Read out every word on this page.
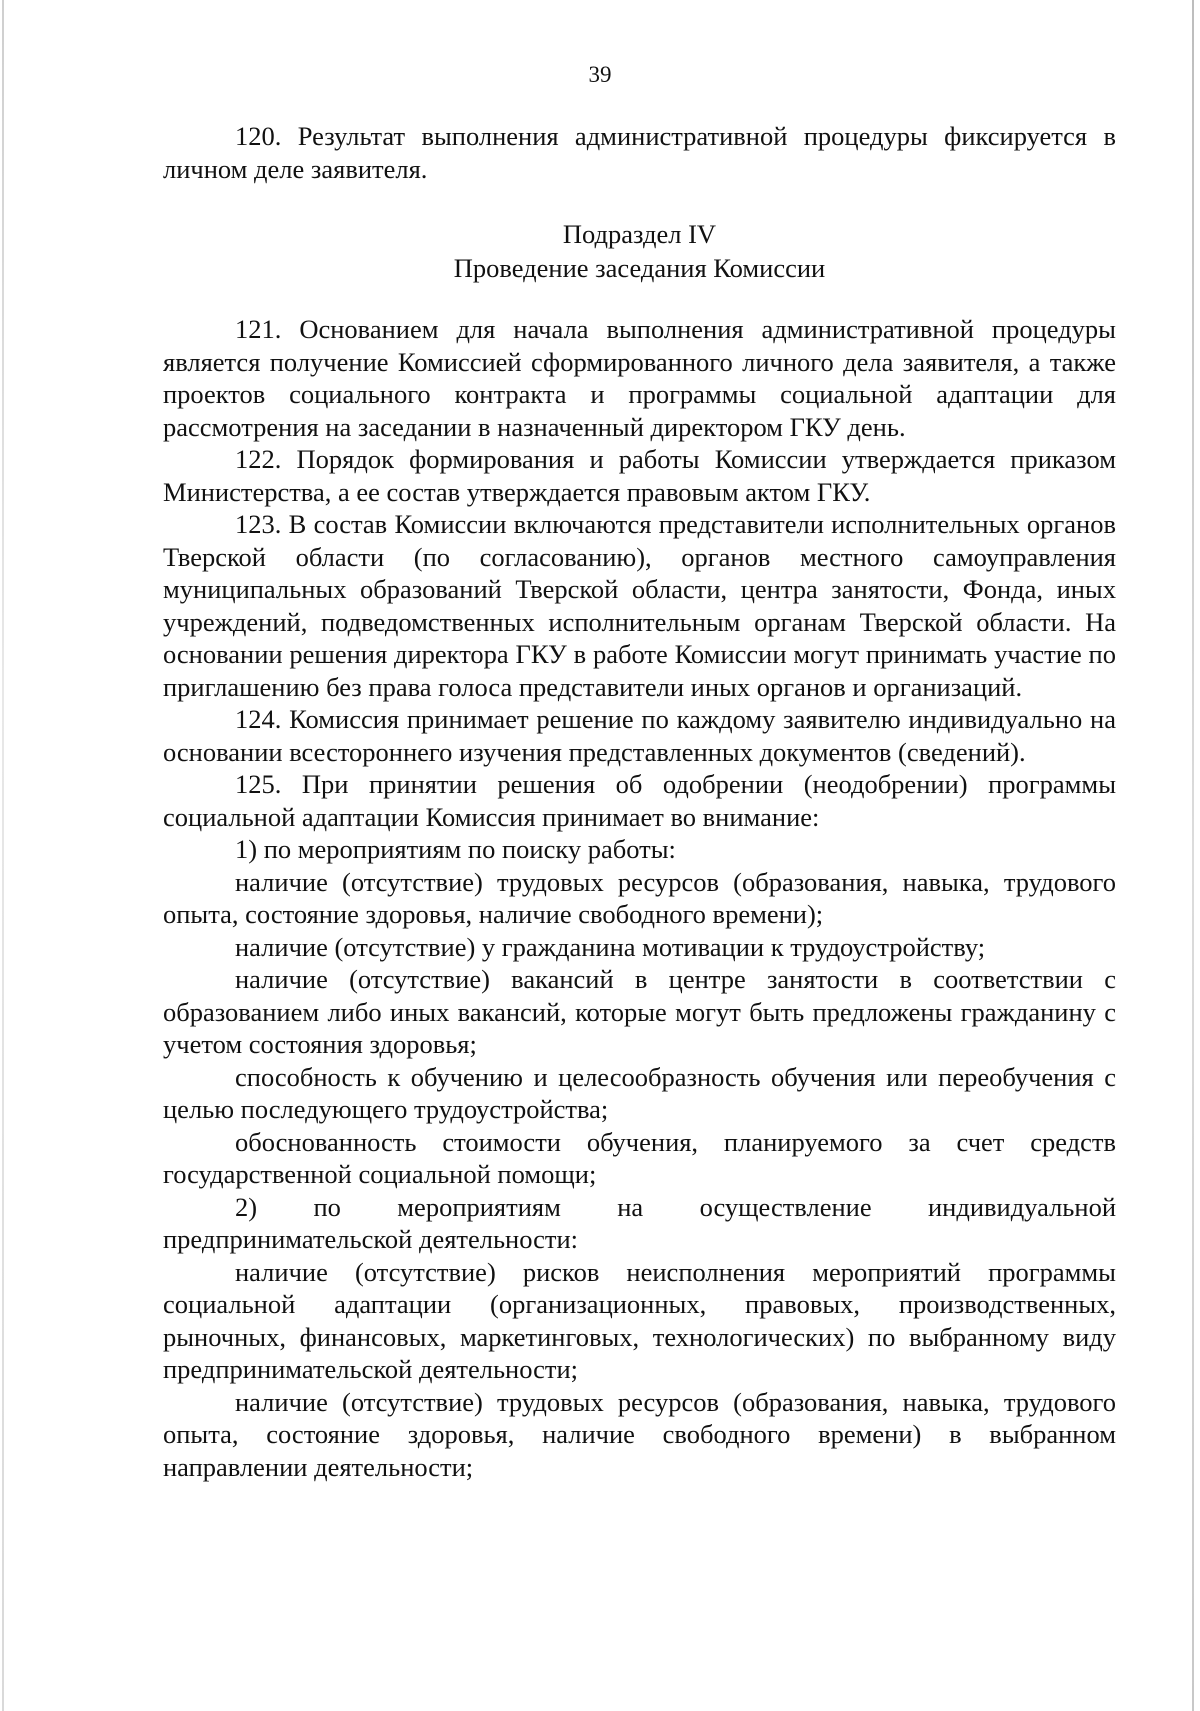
39

120. Результат выполнения административной процедуры фиксируется в личном деле заявителя.

Подраздел IV
Проведение заседания Комиссии

121. Основанием для начала выполнения административной процедуры является получение Комиссией сформированного личного дела заявителя, а также проектов социального контракта и программы социальной адаптации для рассмотрения на заседании в назначенный директором ГКУ день.

122. Порядок формирования и работы Комиссии утверждается приказом Министерства, а ее состав утверждается правовым актом ГКУ.

123. В состав Комиссии включаются представители исполнительных органов Тверской области (по согласованию), органов местного самоуправления муниципальных образований Тверской области, центра занятости, Фонда, иных учреждений, подведомственных исполнительным органам Тверской области. На основании решения директора ГКУ в работе Комиссии могут принимать участие по приглашению без права голоса представители иных органов и организаций.

124. Комиссия принимает решение по каждому заявителю индивидуально на основании всестороннего изучения представленных документов (сведений).

125. При принятии решения об одобрении (неодобрении) программы социальной адаптации Комиссия принимает во внимание:

1) по мероприятиям по поиску работы:

наличие (отсутствие) трудовых ресурсов (образования, навыка, трудового опыта, состояние здоровья, наличие свободного времени);

наличие (отсутствие) у гражданина мотивации к трудоустройству;

наличие (отсутствие) вакансий в центре занятости в соответствии с образованием либо иных вакансий, которые могут быть предложены гражданину с учетом состояния здоровья;

способность к обучению и целесообразность обучения или переобучения с целью последующего трудоустройства;

обоснованность стоимости обучения, планируемого за счет средств государственной социальной помощи;

2) по мероприятиям на осуществление индивидуальной предпринимательской деятельности:

наличие (отсутствие) рисков неисполнения мероприятий программы социальной адаптации (организационных, правовых, производственных, рыночных, финансовых, маркетинговых, технологических) по выбранному виду предпринимательской деятельности;

наличие (отсутствие) трудовых ресурсов (образования, навыка, трудового опыта, состояние здоровья, наличие свободного времени) в выбранном направлении деятельности;
